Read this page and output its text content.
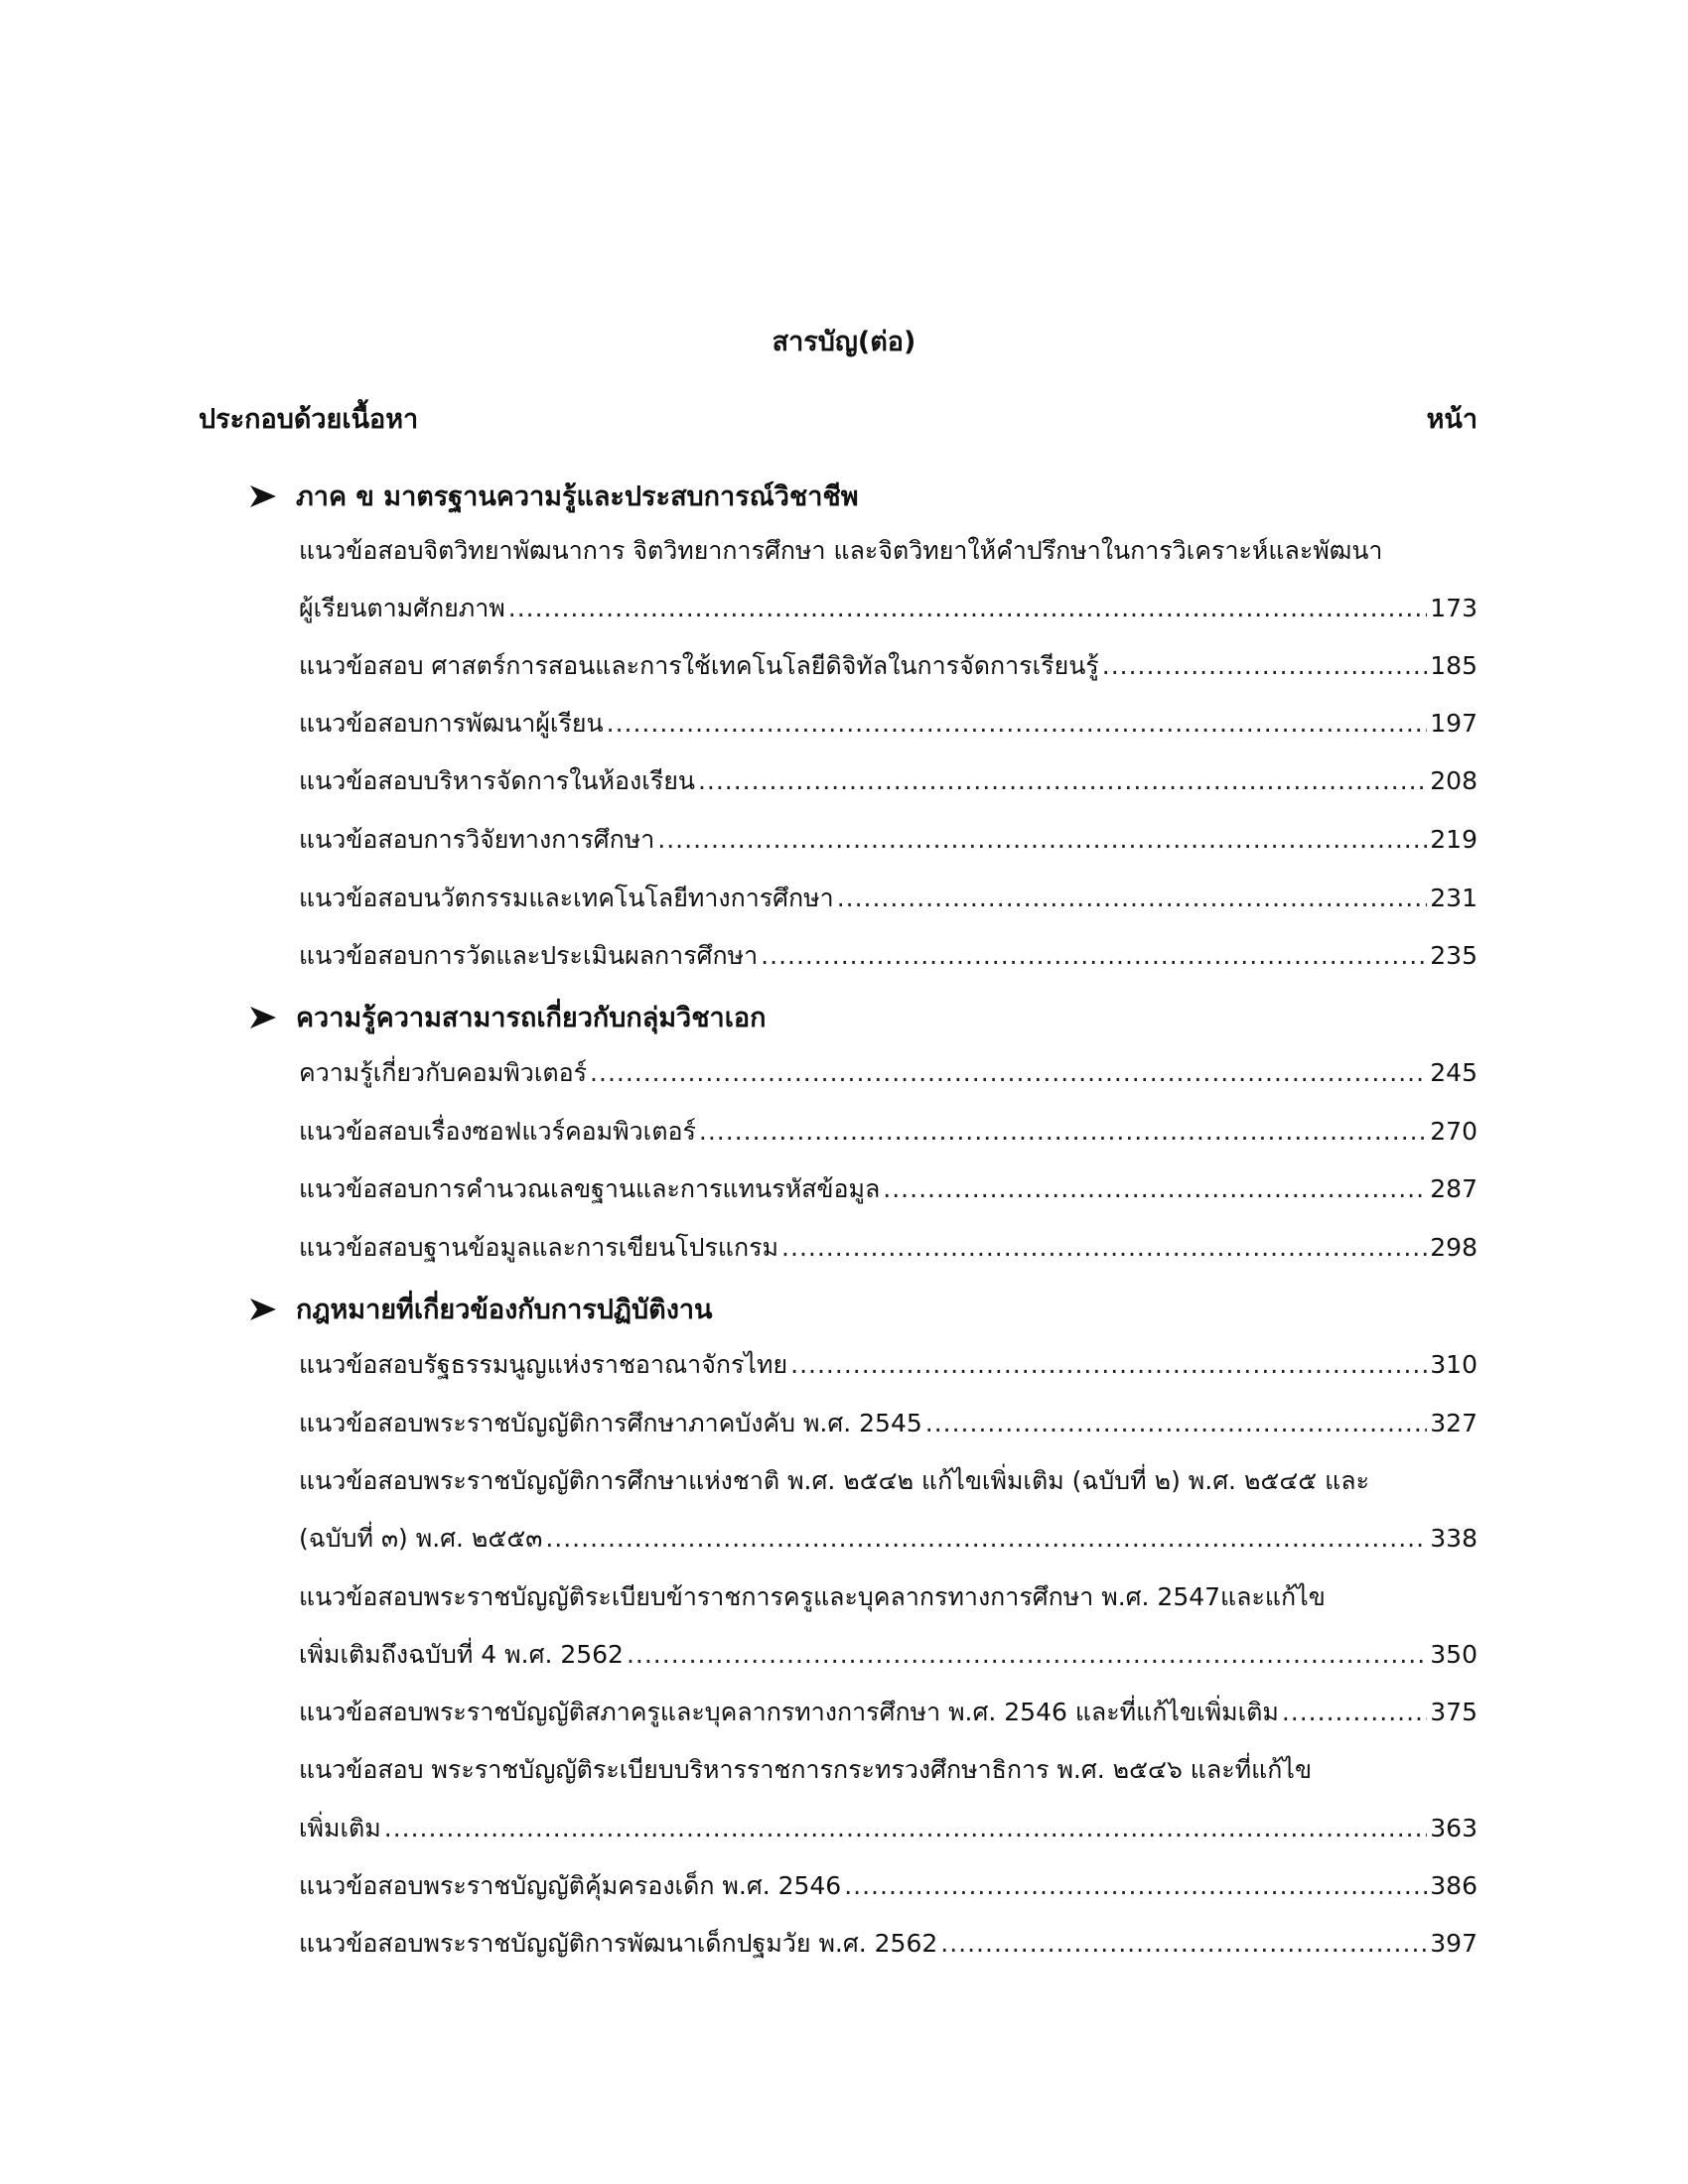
สารบัญ(ต่อ)
ประกอบด้วยเนื้อหา	หน้า
ภาค ข มาตรฐานความรู้และประสบการณ์วิชาชีพ
แนวข้อสอบจิตวิทยาพัฒนาการ จิตวิทยาการศึกษา และจิตวิทยาให้คำปรึกษาในการวิเคราะห์และพัฒนา
ผู้เรียนตามศักยภาพ .....	173
แนวข้อสอบ ศาสตร์การสอนและการใช้เทคโนโลยีดิจิทัลในการจัดการเรียนรู้ .....	185
แนวข้อสอบการพัฒนาผู้เรียน .....	197
แนวข้อสอบบริหารจัดการในห้องเรียน .....	208
แนวข้อสอบการวิจัยทางการศึกษา .....	219
แนวข้อสอบนวัตกรรมและเทคโนโลยีทางการศึกษา .....	231
แนวข้อสอบการวัดและประเมินผลการศึกษา .....	235
ความรู้ความสามารถเกี่ยวกับกลุ่มวิชาเอก
ความรู้เกี่ยวกับคอมพิวเตอร์ .....	245
แนวข้อสอบเรื่องซอฟแวร์คอมพิวเตอร์ .....	270
แนวข้อสอบการคำนวณเลขฐานและการแทนรหัสข้อมูล .....	287
แนวข้อสอบฐานข้อมูลและการเขียนโปรแกรม .....	298
กฎหมายที่เกี่ยวข้องกับการปฏิบัติงาน
แนวข้อสอบรัฐธรรมนูญแห่งราชอาณาจักรไทย .....	310
แนวข้อสอบพระราชบัญญัติการศึกษาภาคบังคับ พ.ศ. 2545 .....	327
แนวข้อสอบพระราชบัญญัติการศึกษาแห่งชาติ พ.ศ. ๒๕๔๒ แก้ไขเพิ่มเติม (ฉบับที่ ๒) พ.ศ. ๒๕๔๕ และ
(ฉบับที่ ๓) พ.ศ. ๒๕๕๓ .....	338
แนวข้อสอบพระราชบัญญัติระเบียบข้าราชการครูและบุคลากรทางการศึกษา พ.ศ. 2547และแก้ไข
เพิ่มเติมถึงฉบับที่ 4 พ.ศ. 2562 .....	350
แนวข้อสอบพระราชบัญญัติสภาครูและบุคลากรทางการศึกษา พ.ศ. 2546 และที่แก้ไขเพิ่มเติม .....	375
แนวข้อสอบ พระราชบัญญัติระเบียบบริหารราชการกระทรวงศึกษาธิการ พ.ศ. ๒๕๔๖ และที่แก้ไข
เพิ่มเติม .....	363
แนวข้อสอบพระราชบัญญัติคุ้มครองเด็ก พ.ศ. 2546 .....	386
แนวข้อสอบพระราชบัญญัติการพัฒนาเด็กปฐมวัย พ.ศ. 2562 .....	397
